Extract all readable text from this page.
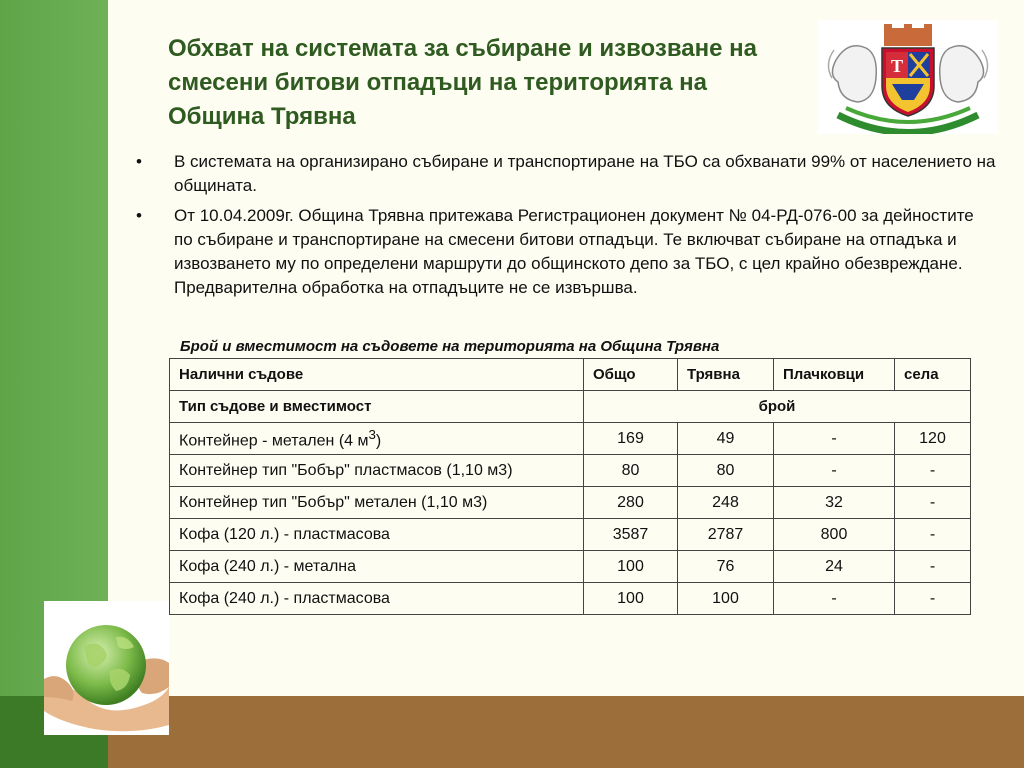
Обхват на системата за събиране и извозване на смесени битови отпадъци на територията на Община Трявна
T
• В системата на организирано събиране и транспортиране на ТБО са обхванати 99% от населението на общината.
• От 10.04.2009г. Община Трявна притежава Регистрационен документ № 04-РД-076-00 за дейностите по събиране и транспортиране на смесени битови отпадъци. Те включват събиране на отпадъка и извозването му по определени маршрути до общинското депо за ТБО, с цел крайно обезвреждане. Предварителна обработка на отпадъците не се извършва.
Брой и вместимост на съдовете на територията на Община Трявна
Налични съдове	Общо	Трявна	Плачковци	села
Тип съдове и вместимост	брой			
Контейнер - метален (4 $м^3$)	169	49	-	120
Контейнер тип "Бобър" пластмасов (1,10 м3)	80	80	-	-
Контейнер тип "Бобър" метален (1,10 м3)	280	248	32	-
Кофа (120 л.) - пластмасова	3587	2787	800	-
Кофа (240 л.) - метална	100	76	24	-
Кофа (240 л.) - пластмасова	100	100	-	-
